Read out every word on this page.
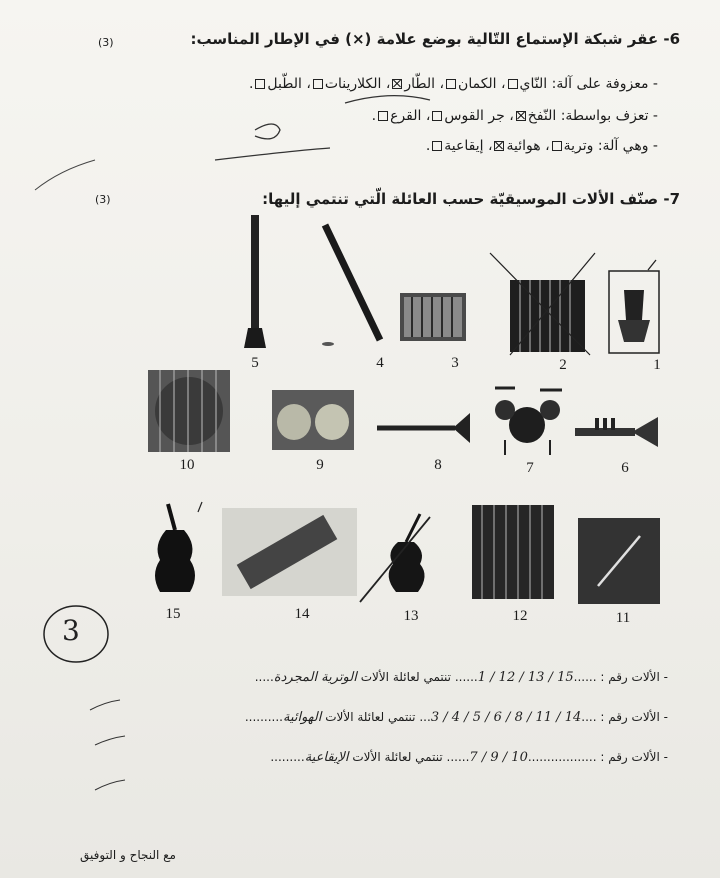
6- عقر شبكة الإستماع التّالية بوضع علامة (×) في الإطار المناسب:
(3)
- معزوفة على آلة: النّاي، الكمان، الطّار، الكلارينات، الطّبل.
- تعزف بواسطة: النّفخ، جر القوس، القرع.
- وهي آلة: وترية، هوائية، إيقاعية.
7- صنّف الألات الموسيقيّة حسب العائلة الّتي تنتمي إليها:
(3)
5	4	3	2	1
10	9	8	7	6
15	14	13	12	11
3
- الألات رقم : ......15 / 13 / 12 / 1...... تنتمي لعائلة الألات الوترية المجردة.....
- الألات رقم : ....14 / 11 / 8 / 6 / 5 / 4 / 3... تنتمي لعائلة الألات الهوائية..........
- الألات رقم : ..................10 / 9 / 7...... تنتمي لعائلة الألات الإيقاعية.........
مع النجاح و التوفيق
